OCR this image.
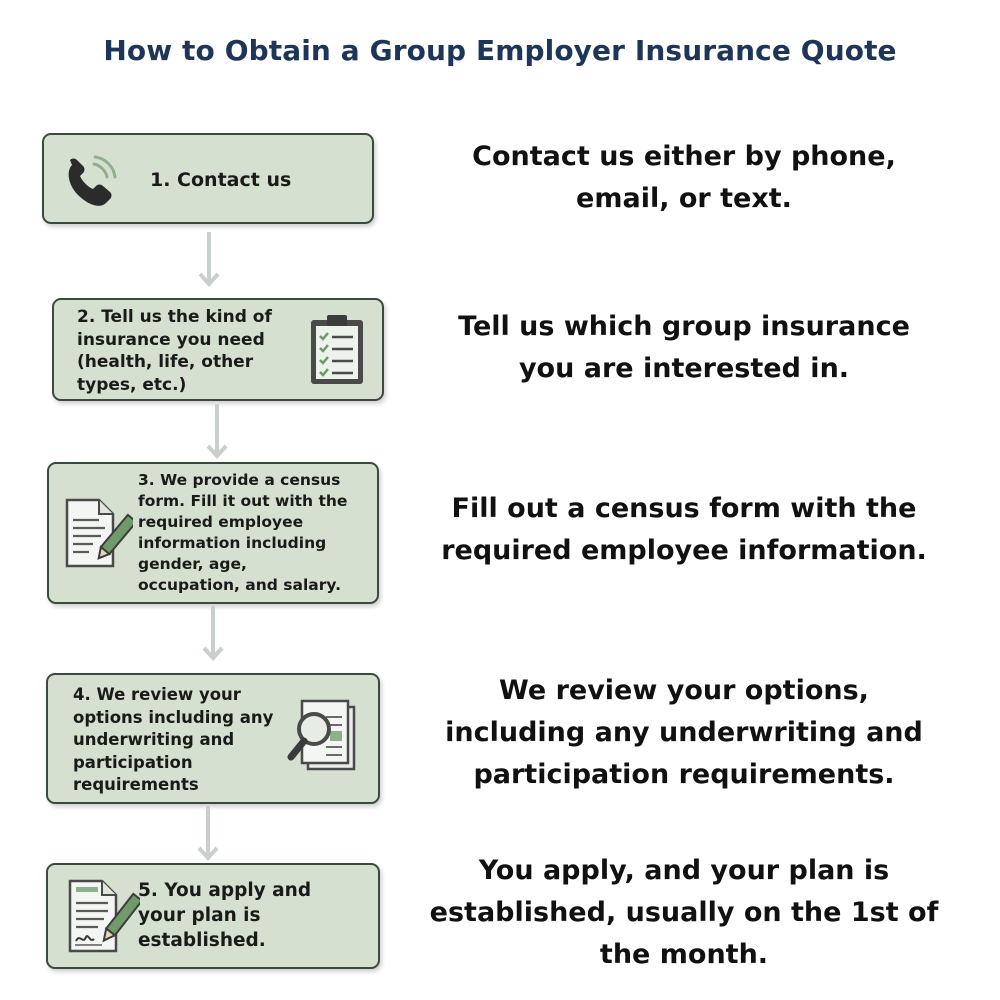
How to Obtain a Group Employer Insurance Quote
1. Contact us
2. Tell us the kind of
insurance you need
(health, life, other
types, etc.)
3. We provide a census
form. Fill it out with the
required employee
information including
gender, age,
occupation, and salary.
4. We review your
options including any
underwriting and
participation
requirements
5. You apply and
your plan is
established.
Contact us either by phone,
email, or text.
Tell us which group insurance
you are interested in.
Fill out a census form with the
required employee information.
We review your options,
including any underwriting and
participation requirements.
You apply, and your plan is
established, usually on the 1st of
the month.
